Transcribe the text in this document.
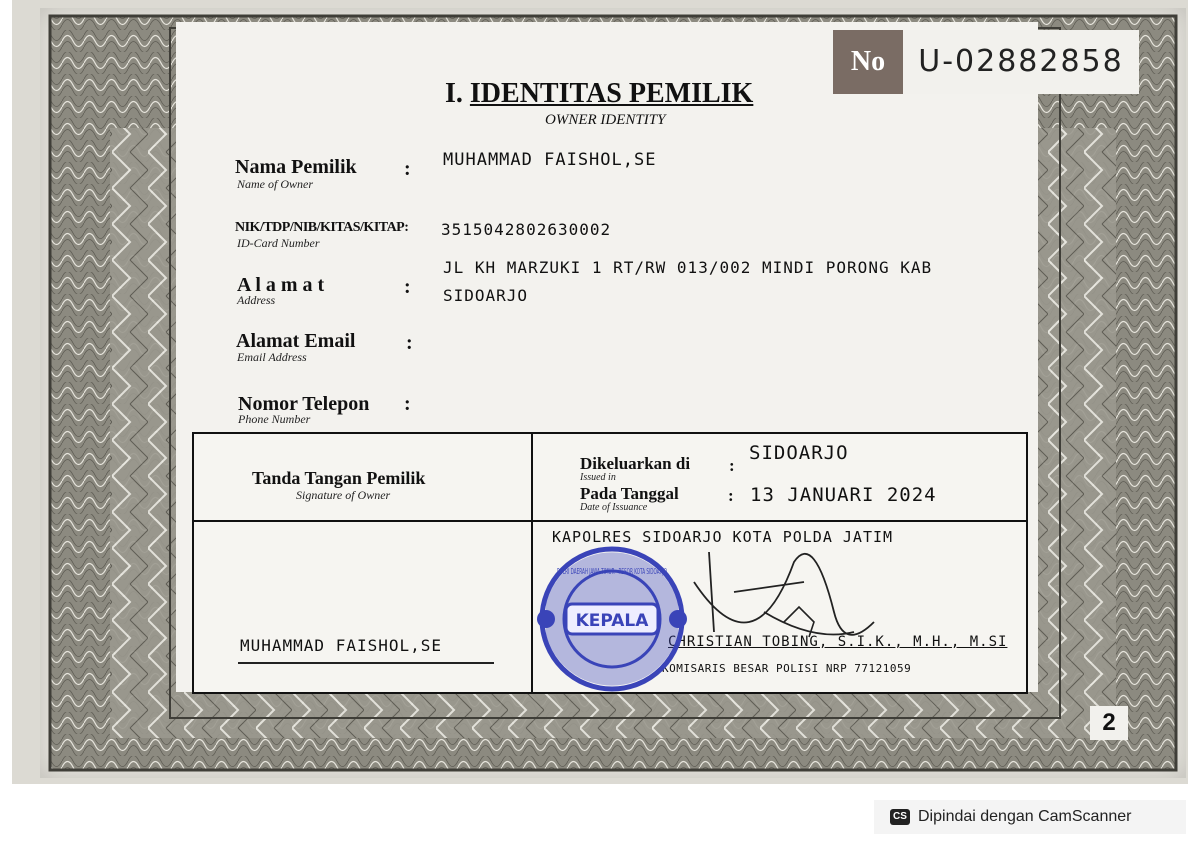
No	U-02882858
I. IDENTITAS PEMILIK
OWNER IDENTITY
Nama Pemilik
Name of Owner
: MUHAMMAD FAISHOL,SE
NIK/TDP/NIB/KITAS/KITAP:
ID-Card Number
3515042802630002
A l a m a t
Address
:
JL KH MARZUKI 1 RT/RW 013/002 MINDI PORONG KAB
SIDOARJO
Alamat Email
Email Address
:
Nomor Telepon
Phone Number
:
Tanda Tangan Pemilik
Signature of Owner
MUHAMMAD FAISHOL,SE
Dikeluarkan di
Issued in
:
SIDOARJO
Pada Tanggal
Date of Issuance
: 13 JANUARI 2024
KAPOLRES SIDOARJO KOTA POLDA JATIM
CHRISTIAN TOBING, S.I.K., M.H., M.SI
KOMISARIS BESAR POLISI NRP 77121059
KEPALA
POLRI DAERAH JAWA TIMUR · RESOR KOTA SIDOARJO
2
CS Dipindai dengan CamScanner
